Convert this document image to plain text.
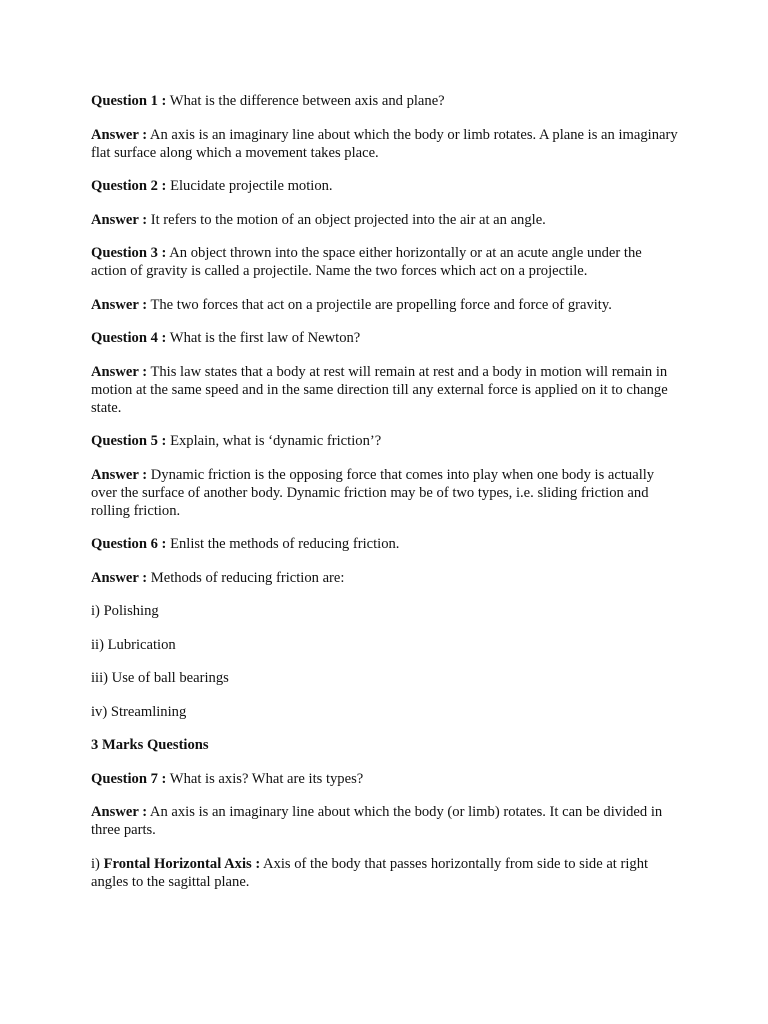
Question 1 : What is the difference between axis and plane?

Answer : An axis is an imaginary line about which the body or limb rotates. A plane is an imaginary flat surface along which a movement takes place.

Question 2 : Elucidate projectile motion.

Answer : It refers to the motion of an object projected into the air at an angle.

Question 3 : An object thrown into the space either horizontally or at an acute angle under the action of gravity is called a projectile. Name the two forces which act on a projectile.

Answer : The two forces that act on a projectile are propelling force and force of gravity.

Question 4 : What is the first law of Newton?

Answer : This law states that a body at rest will remain at rest and a body in motion will remain in motion at the same speed and in the same direction till any external force is applied on it to change state.

Question 5 : Explain, what is ‘dynamic friction’?

Answer : Dynamic friction is the opposing force that comes into play when one body is actually over the surface of another body. Dynamic friction may be of two types, i.e. sliding friction and rolling friction.

Question 6 : Enlist the methods of reducing friction.

Answer : Methods of reducing friction are:

i) Polishing

ii) Lubrication

iii) Use of ball bearings

iv) Streamlining

3 Marks Questions

Question 7 : What is axis? What are its types?

Answer : An axis is an imaginary line about which the body (or limb) rotates. It can be divided in three parts.

i) Frontal Horizontal Axis : Axis of the body that passes horizontally from side to side at right angles to the sagittal plane.
